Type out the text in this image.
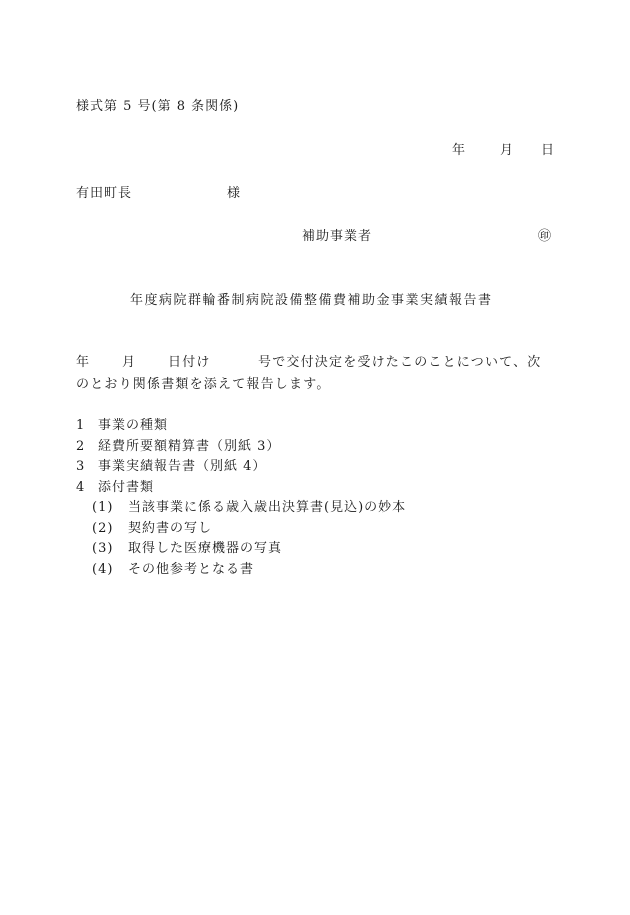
様式第 5 号(第 8 条関係)
年	月 日
有田町長	様
補助事業者	㊞
年度病院群輪番制病院設備整備費補助金事業実績報告書
年 月 日付け	号で交付決定を受けたこのことについて、次
のとおり関係書類を添えて報告します。
1 事業の種類
2 経費所要額精算書（別紙 3）
3 事業実績報告書（別紙 4）
4 添付書類
(1) 当該事業に係る歳入歳出決算書(見込)の妙本
(2) 契約書の写し
(3) 取得した医療機器の写真
(4) その他参考となる書
